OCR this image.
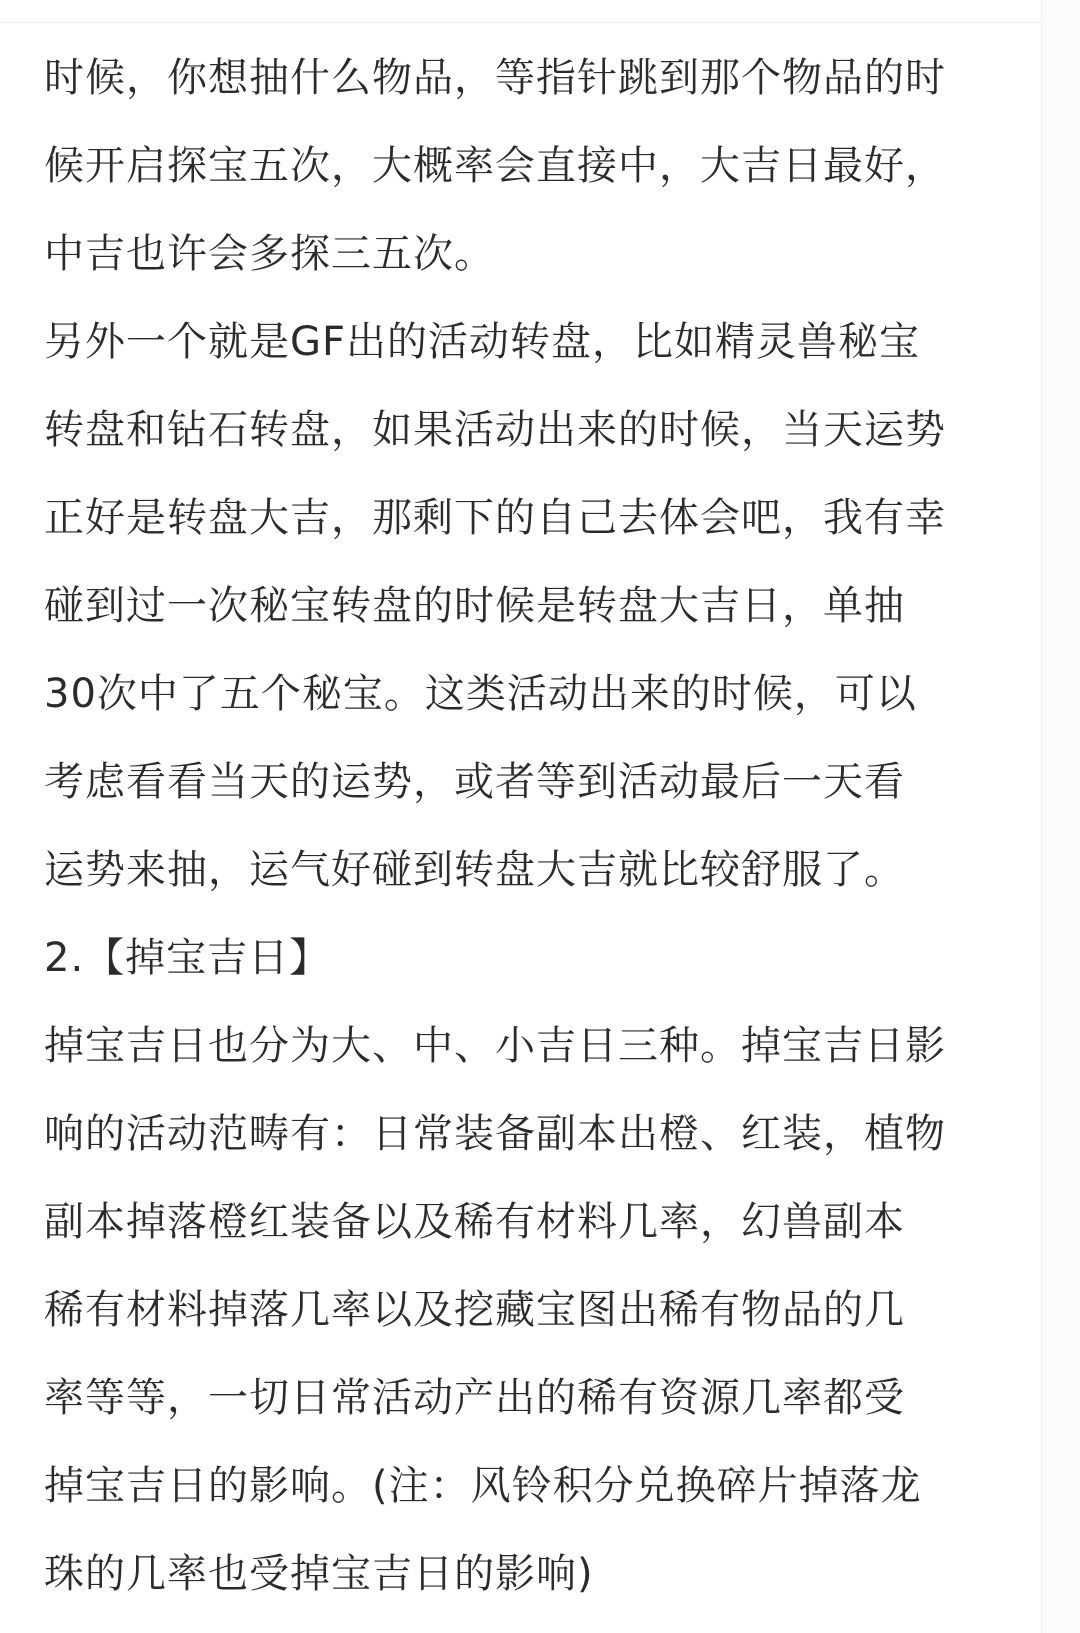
时候，你想抽什么物品，等指针跳到那个物品的时
候开启探宝五次，大概率会直接中，大吉日最好，
中吉也许会多探三五次。
另外一个就是GF出的活动转盘，比如精灵兽秘宝
转盘和钻石转盘，如果活动出来的时候，当天运势
正好是转盘大吉，那剩下的自己去体会吧，我有幸
碰到过一次秘宝转盘的时候是转盘大吉日，单抽
30次中了五个秘宝。这类活动出来的时候，可以
考虑看看当天的运势，或者等到活动最后一天看
运势来抽，运气好碰到转盘大吉就比较舒服了。
2.【掉宝吉日】
掉宝吉日也分为大、中、小吉日三种。掉宝吉日影
响的活动范畴有：日常装备副本出橙、红装，植物
副本掉落橙红装备以及稀有材料几率，幻兽副本
稀有材料掉落几率以及挖藏宝图出稀有物品的几
率等等，一切日常活动产出的稀有资源几率都受
掉宝吉日的影响。(注：风铃积分兑换碎片掉落龙
珠的几率也受掉宝吉日的影响)
